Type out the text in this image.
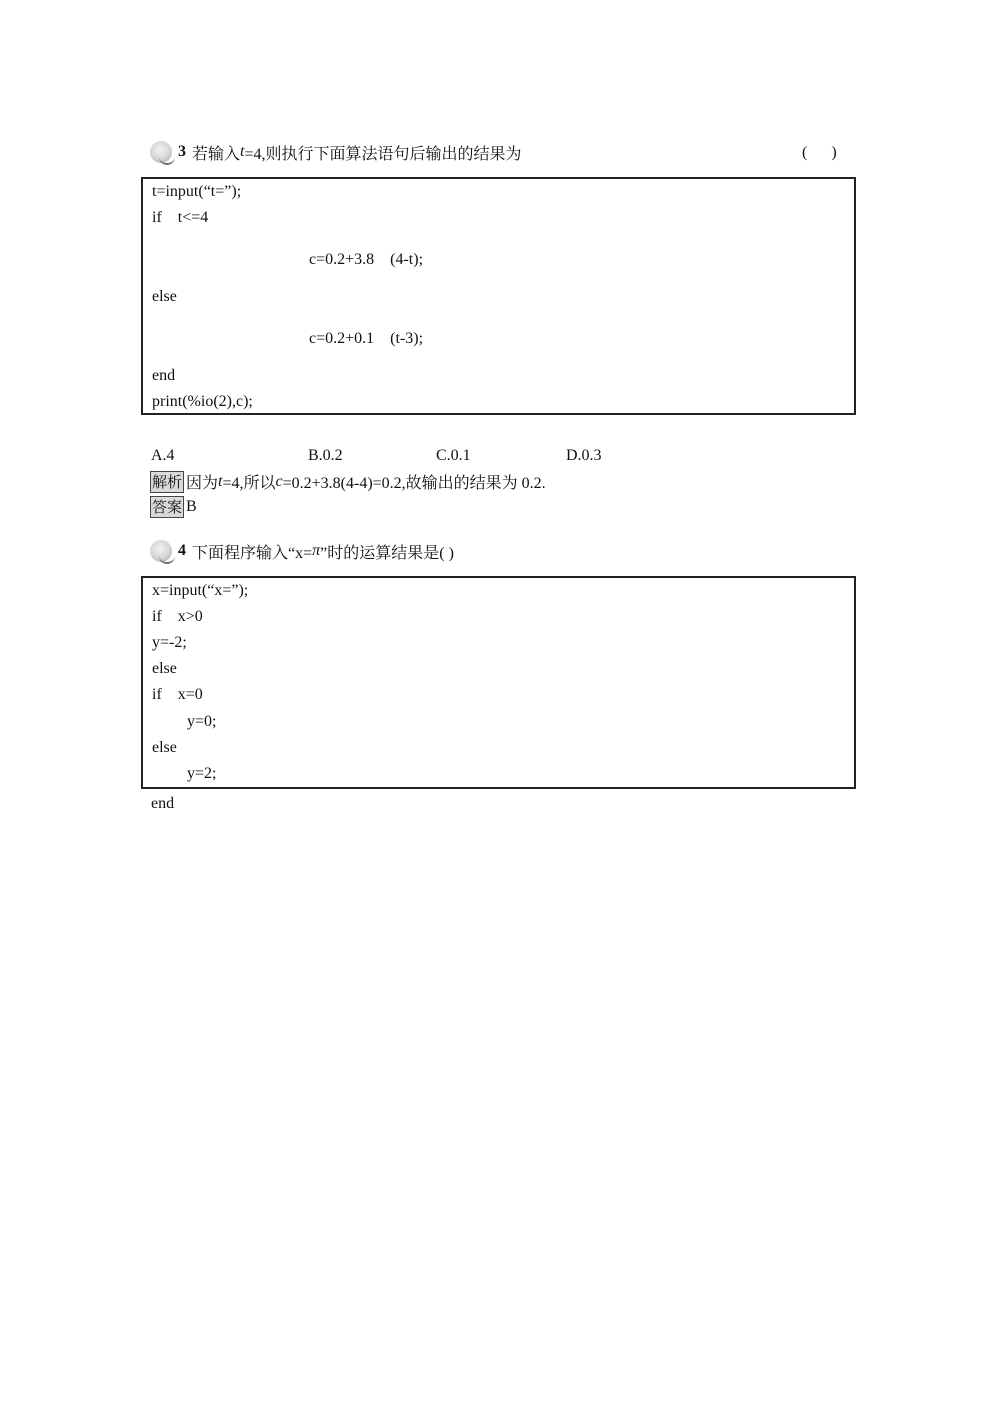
3 若输入 t =4,则执行下面算法语句后输出的结果为	(      )
t=input(“t=”);
if    t<=4
c=0.2+3.8    (4-t);
else
c=0.2+0.1    (t-3);
end
print(%io(2),c);
A.4	B.0.2	C.0.1	D.0.3
解析 因为 t =4,所以 c =0.2+3.8(4-4)=0.2,故输出的结果为 0.2.
答案 B
4 下面程序输入“x= π ”时的运算结果是( )
x=input(“x=”);
if    x>0
y=-2;
else
if    x=0
y=0;
else
y=2;
end
